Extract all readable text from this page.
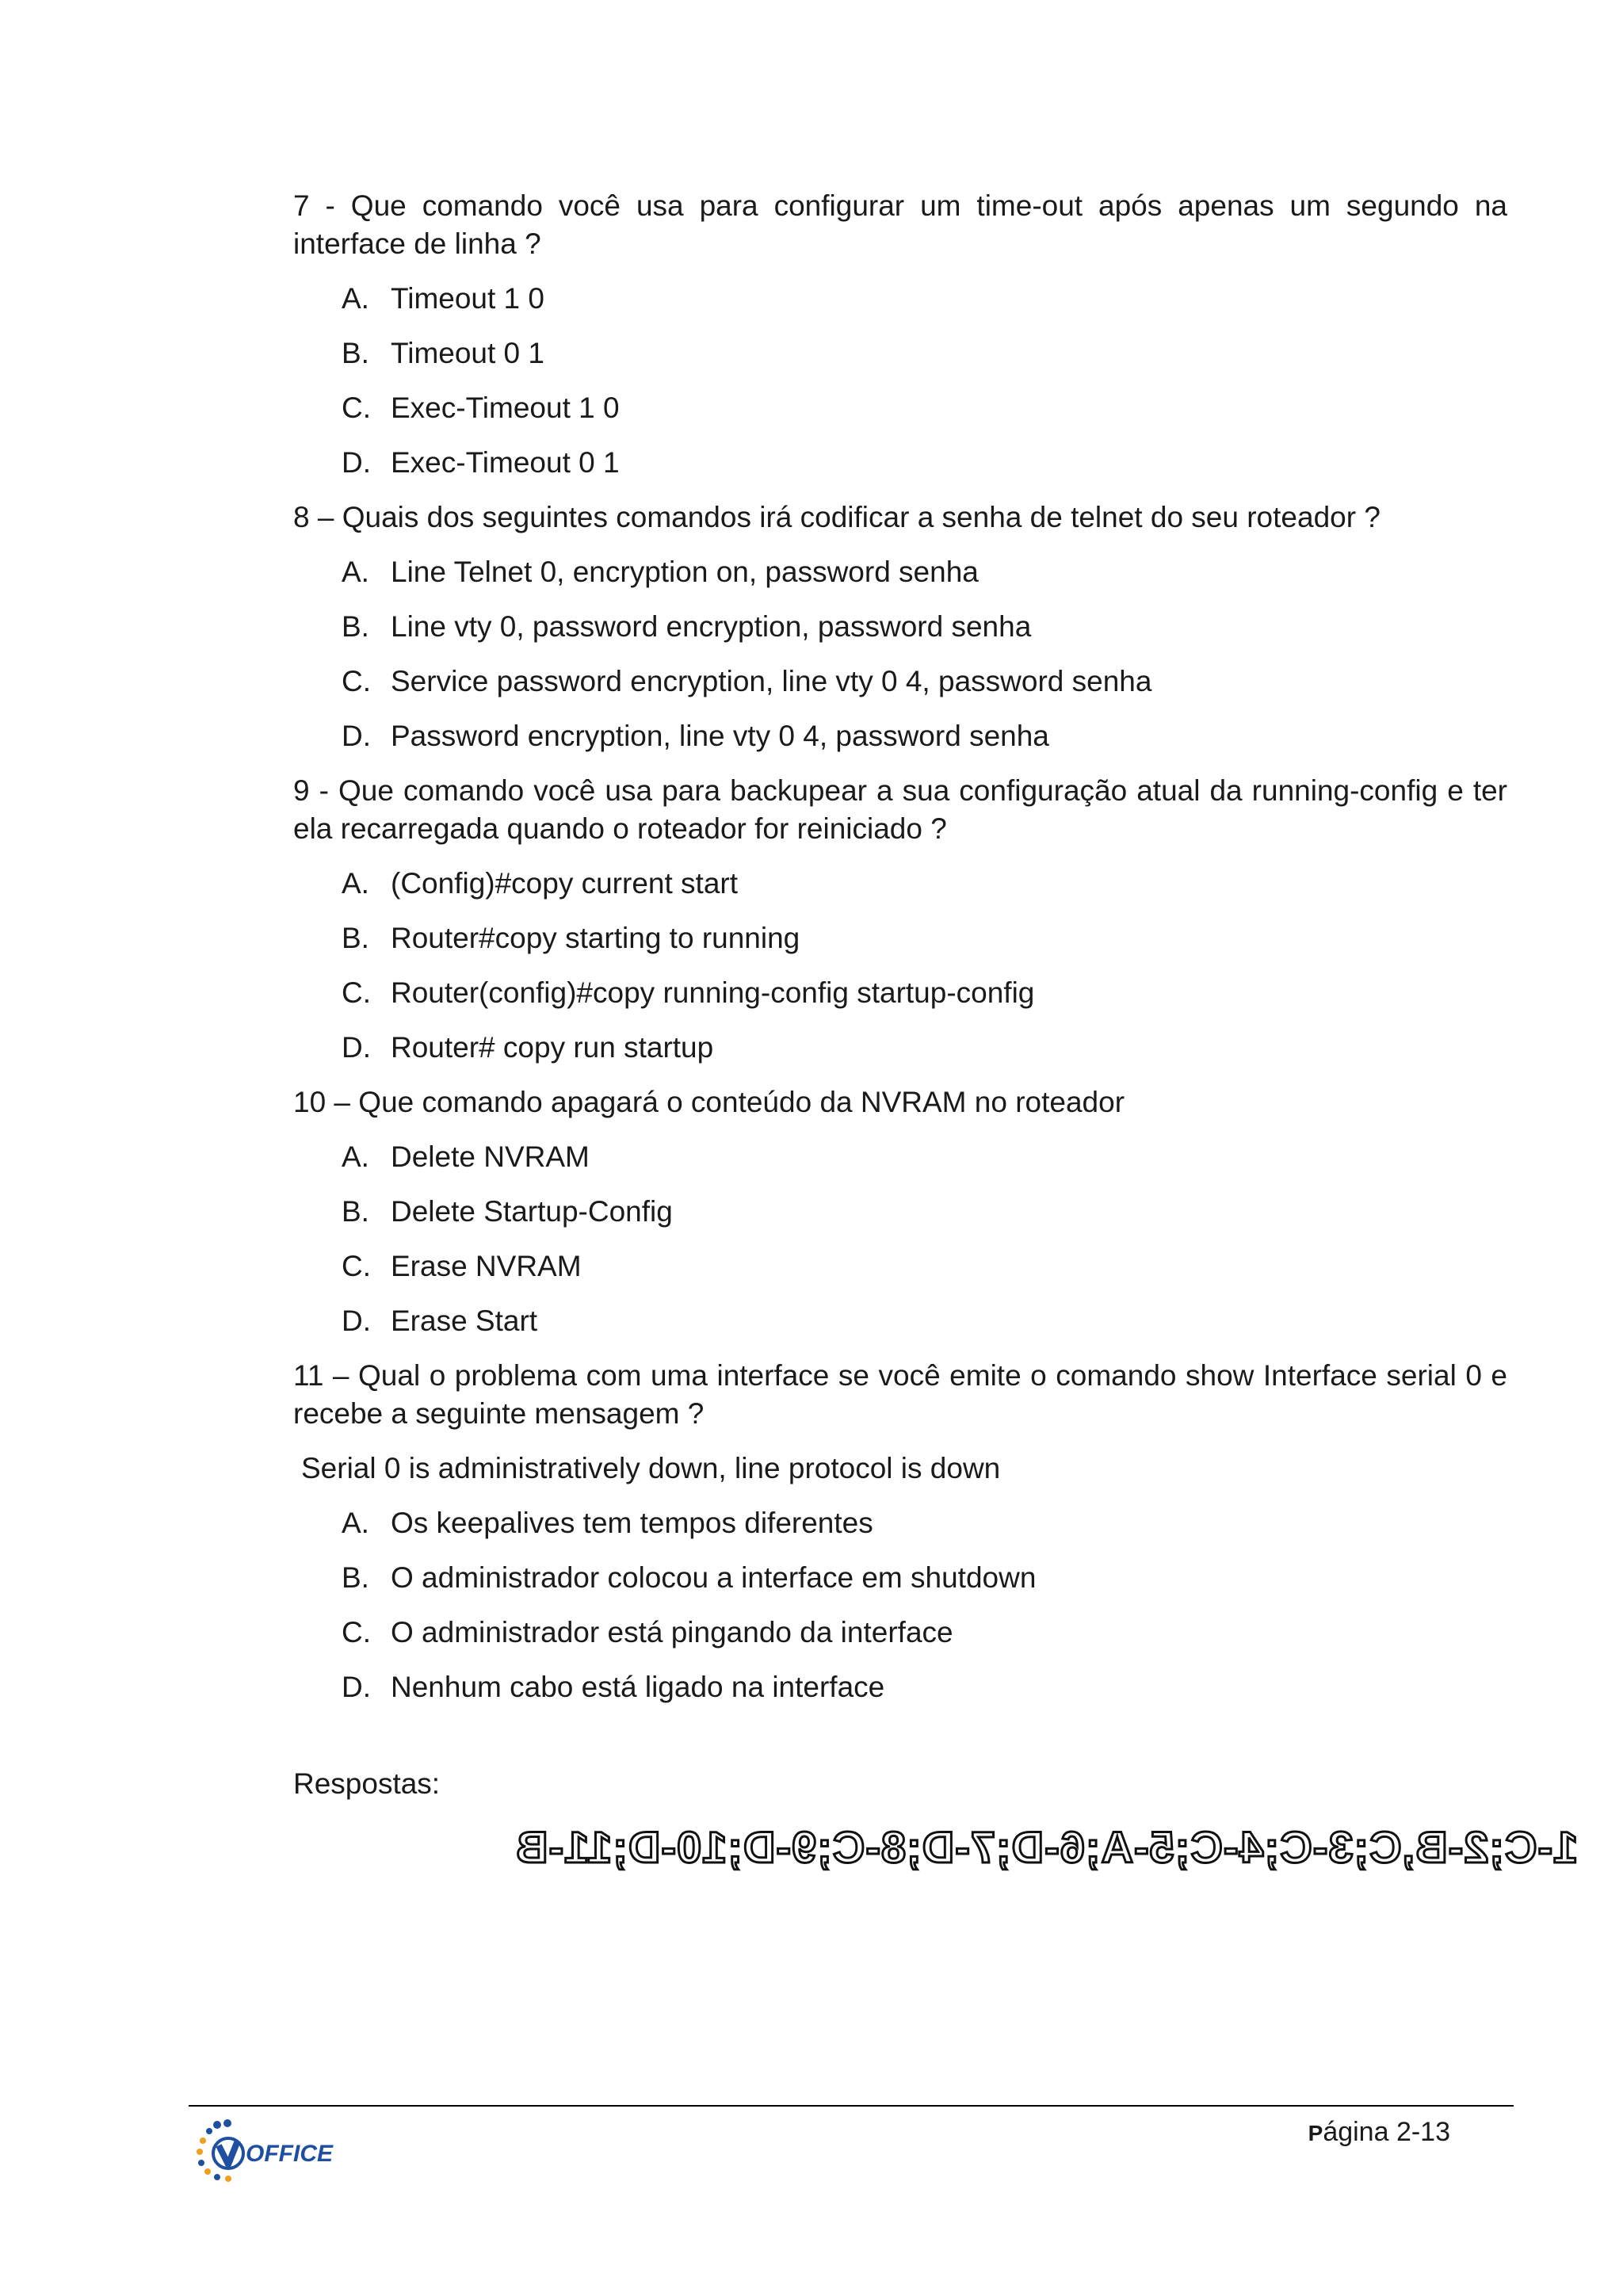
7 - Que comando você usa para configurar um time-out após apenas um segundo na interface de linha ?

A. Timeout 1 0
B. Timeout 0 1
C. Exec-Timeout 1 0
D. Exec-Timeout 0 1

8 – Quais dos seguintes comandos irá codificar a senha de telnet do seu roteador ?

A. Line Telnet 0, encryption on, password senha
B. Line vty 0, password encryption, password senha
C. Service password encryption, line vty 0 4, password senha
D. Password encryption, line vty 0 4, password senha

9 - Que comando você usa para backupear a sua configuração atual da running-config e ter ela recarregada quando o roteador for reiniciado ?

A. (Config)#copy current start
B. Router#copy starting to running
C. Router(config)#copy running-config startup-config
D. Router# copy run startup

10 – Que comando apagará o conteúdo da NVRAM no roteador

A. Delete NVRAM
B. Delete Startup-Config
C. Erase NVRAM
D. Erase Start

11 – Qual o problema com uma interface se você emite o comando show Interface serial 0 e recebe a seguinte mensagem ?

Serial 0 is administratively down, line protocol is down

A. Os keepalives tem tempos diferentes
B. O administrador colocou a interface em shutdown
C. O administrador está pingando da interface
D. Nenhum cabo está ligado na interface

Respostas:

1-C;2-B,C;3-C;4-C;5-A;6-D;7-D;8-C;9-D;10-D;11-B
OFFICE
Página 2-13
